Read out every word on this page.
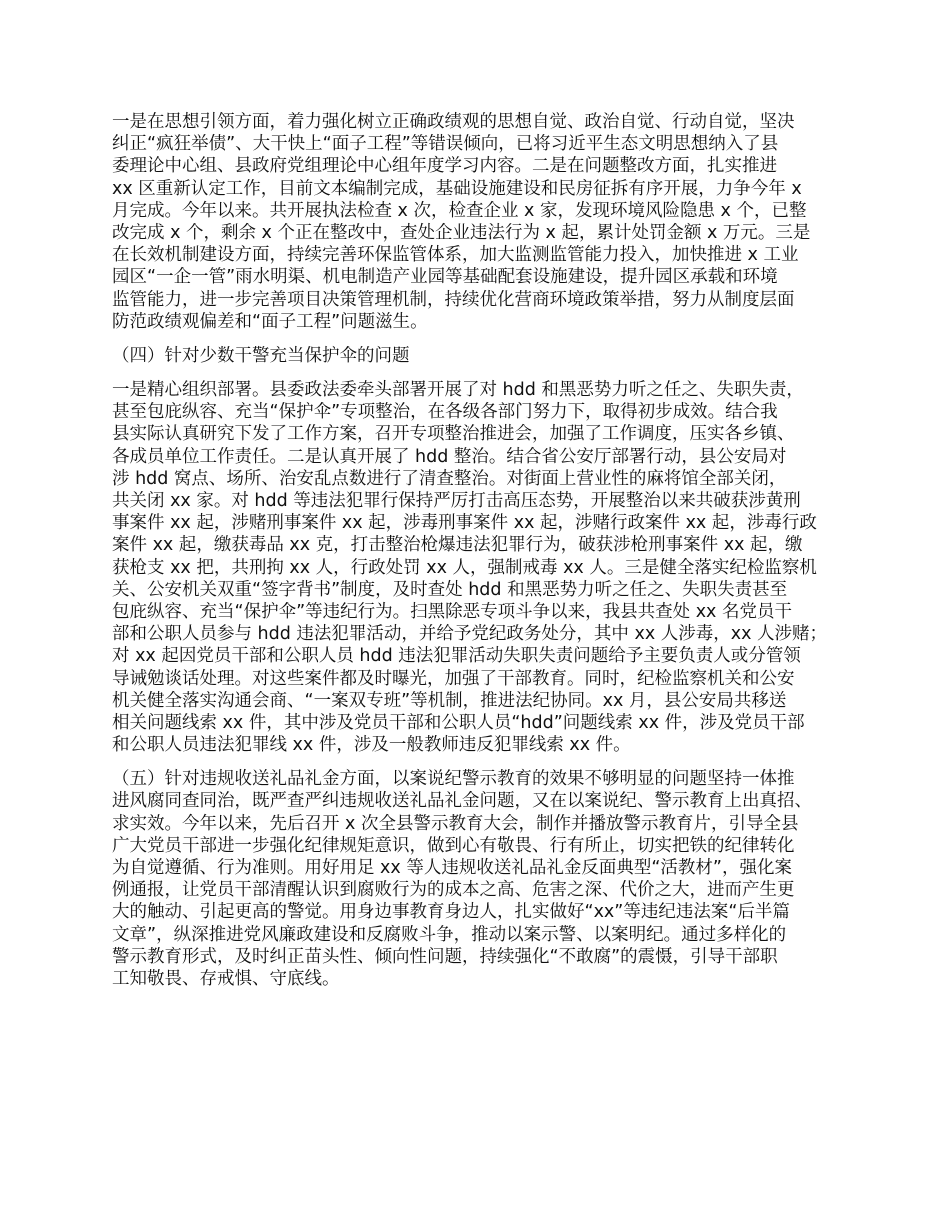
一是在思想引领方面，着力强化树立正确政绩观的思想自觉、政治自觉、行动自觉，坚决
纠正“疯狂举债”、大干快上“面子工程”等错误倾向，已将习近平生态文明思想纳入了县
委理论中心组、县政府党组理论中心组年度学习内容。二是在问题整改方面，扎实推进
xx 区重新认定工作，目前文本编制完成，基础设施建设和民房征拆有序开展，力争今年 x
月完成。今年以来。共开展执法检查 x 次，检查企业 x 家，发现环境风险隐患 x 个，已整
改完成 x 个，剩余 x 个正在整改中，查处企业违法行为 x 起，累计处罚金额 x 万元。三是
在长效机制建设方面，持续完善环保监管体系，加大监测监管能力投入，加快推进 x 工业
园区“一企一管”雨水明渠、机电制造产业园等基础配套设施建设，提升园区承载和环境
监管能力，进一步完善项目决策管理机制，持续优化营商环境政策举措，努力从制度层面
防范政绩观偏差和“面子工程”问题滋生。

（四）针对少数干警充当保护伞的问题

一是精心组织部署。县委政法委牵头部署开展了对 hdd 和黑恶势力听之任之、失职失责，
甚至包庇纵容、充当“保护伞”专项整治，在各级各部门努力下，取得初步成效。结合我
县实际认真研究下发了工作方案，召开专项整治推进会，加强了工作调度，压实各乡镇、
各成员单位工作责任。二是认真开展了 hdd 整治。结合省公安厅部署行动，县公安局对
涉 hdd 窝点、场所、治安乱点数进行了清查整治。对街面上营业性的麻将馆全部关闭，
共关闭 xx 家。对 hdd 等违法犯罪行保持严厉打击高压态势，开展整治以来共破获涉黄刑
事案件 xx 起，涉赌刑事案件 xx 起，涉毒刑事案件 xx 起，涉赌行政案件 xx 起，涉毒行政
案件 xx 起，缴获毒品 xx 克，打击整治枪爆违法犯罪行为，破获涉枪刑事案件 xx 起，缴
获枪支 xx 把，共刑拘 xx 人，行政处罚 xx 人，强制戒毒 xx 人。三是健全落实纪检监察机
关、公安机关双重“签字背书”制度，及时查处 hdd 和黑恶势力听之任之、失职失责甚至
包庇纵容、充当“保护伞”等违纪行为。扫黑除恶专项斗争以来，我县共查处 xx 名党员干
部和公职人员参与 hdd 违法犯罪活动，并给予党纪政务处分，其中 xx 人涉毒，xx 人涉赌；
对 xx 起因党员干部和公职人员 hdd 违法犯罪活动失职失责问题给予主要负责人或分管领
导诫勉谈话处理。对这些案件都及时曝光，加强了干部教育。同时，纪检监察机关和公安
机关健全落实沟通会商、“一案双专班”等机制，推进法纪协同。xx 月，县公安局共移送
相关问题线索 xx 件，其中涉及党员干部和公职人员“hdd”问题线索 xx 件，涉及党员干部
和公职人员违法犯罪线 xx 件，涉及一般教师违反犯罪线索 xx 件。

（五）针对违规收送礼品礼金方面，以案说纪警示教育的效果不够明显的问题坚持一体推
进风腐同查同治，既严查严纠违规收送礼品礼金问题，又在以案说纪、警示教育上出真招、
求实效。今年以来，先后召开 x 次全县警示教育大会，制作并播放警示教育片，引导全县
广大党员干部进一步强化纪律规矩意识，做到心有敬畏、行有所止，切实把铁的纪律转化
为自觉遵循、行为准则。用好用足 xx 等人违规收送礼品礼金反面典型“活教材”，强化案
例通报，让党员干部清醒认识到腐败行为的成本之高、危害之深、代价之大，进而产生更
大的触动、引起更高的警觉。用身边事教育身边人，扎实做好“xx”等违纪违法案“后半篇
文章”，纵深推进党风廉政建设和反腐败斗争，推动以案示警、以案明纪。通过多样化的
警示教育形式，及时纠正苗头性、倾向性问题，持续强化“不敢腐”的震慑，引导干部职
工知敬畏、存戒惧、守底线。
